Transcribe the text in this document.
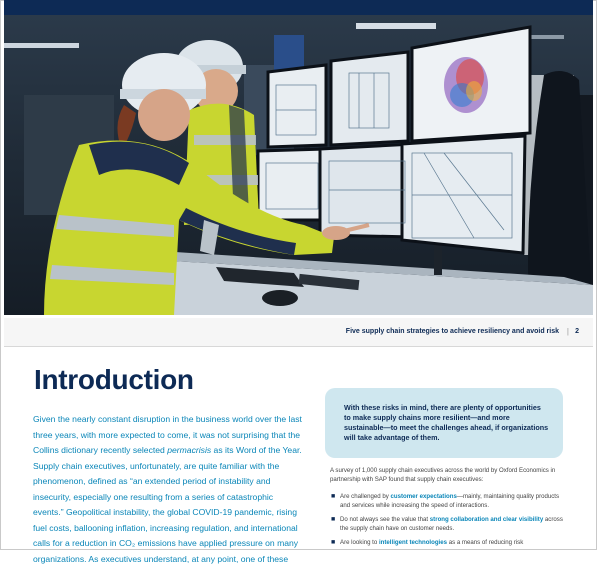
Five supply chain strategies to achieve resiliency and avoid risk | 2
Introduction
Given the nearly constant disruption in the business world over the last three years, with more expected to come, it was not surprising that the Collins dictionary recently selected permacrisis as its Word of the Year. Supply chain executives, unfortunately, are quite familiar with the phenomenon, defined as “an extended period of instability and insecurity, especially one resulting from a series of catastrophic events.” Geopolitical instability, the global COVID-19 pandemic, rising fuel costs, ballooning inflation, increasing regulation, and international calls for a reduction in CO₂ emissions have applied pressure on many organizations. As executives understand, at any point, one of these
With these risks in mind, there are plenty of opportunities to make supply chains more resilient—and more sustainable—to meet the challenges ahead, if organizations will take advantage of them.
A survey of 1,000 supply chain executives across the world by Oxford Economics in partnership with SAP found that supply chain executives:
■ Are challenged by customer expectations—mainly, maintaining quality products and services while increasing the speed of interactions.
■ Do not always see the value that strong collaboration and clear visibility across the supply chain have on customer needs.
■ Are looking to intelligent technologies as a means of reducing risk
